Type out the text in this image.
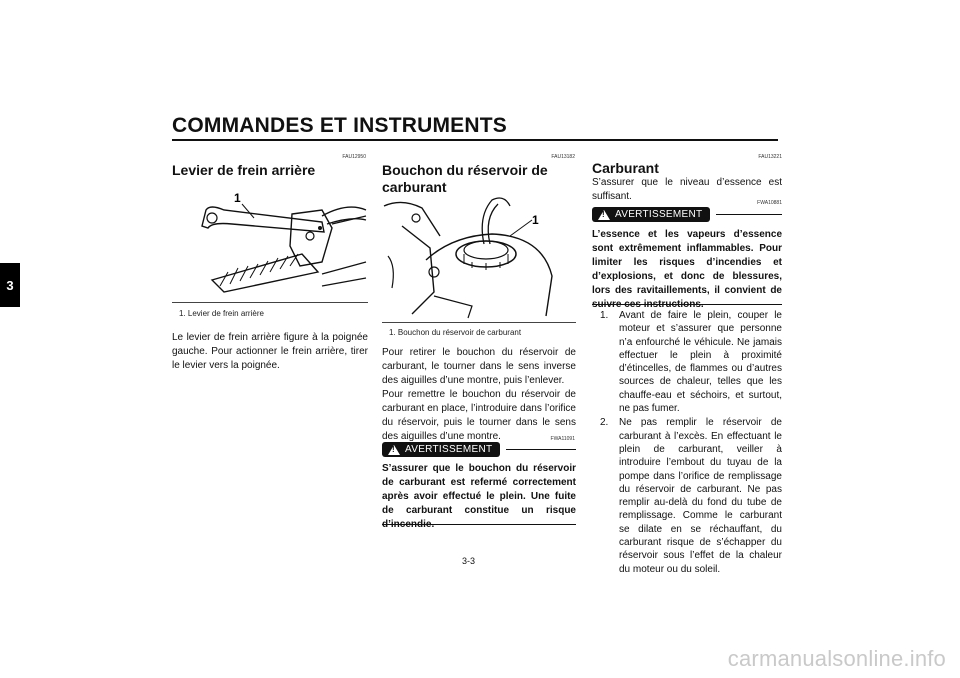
COMMANDES ET INSTRUMENTS
3
FAU12950
Levier de frein arrière
1
1. Levier de frein arrière
Le levier de frein arrière figure à la poignée gauche. Pour actionner le frein arrière, tirer le levier vers la poignée.
FAU13182
Bouchon du réservoir de carburant
1
1. Bouchon du réservoir de carburant
Pour retirer le bouchon du réservoir de carburant, le tourner dans le sens inverse des aiguilles d’une montre, puis l’enlever.
Pour remettre le bouchon du réservoir de carburant en place, l’introduire dans l’orifice du réservoir, puis le tourner dans le sens des aiguilles d’une montre.	FWA11091
!
AVERTISSEMENT
S’assurer que le bouchon du réservoir de carburant est refermé correctement après avoir effectué le plein. Une fuite de carburant constitue un risque
FAU13221
Carburant
S’assurer que le niveau d’essence est suffisant.
FWA10881
!
AVERTISSEMENT
L’essence et les vapeurs d’essence sont extrêmement inflammables. Pour limiter les risques d’incendies et d’explosions, et donc de blessures, lors des ravitaillements, il convient de
1. Avant de faire le plein, couper le moteur et s’assurer que personne n’a enfourché le véhicule. Ne jamais effectuer le plein à proximité d’étincelles, de flammes ou d’autres sources de chaleur, telles que les chauffe-eau et séchoirs, et surtout, ne pas fumer.
2. Ne pas remplir le réservoir de carburant à l’excès. En effectuant le plein de carburant, veiller à introduire l’embout du tuyau de la pompe dans l’orifice de remplissage du réservoir de carburant. Ne pas remplir au-delà du fond du tube de remplissage. Comme le carburant se dilate en se réchauffant, du carburant risque de s’échapper du réservoir sous l’effet de la chaleur du moteur ou du soleil.
3-3
carmanualsonline.info
